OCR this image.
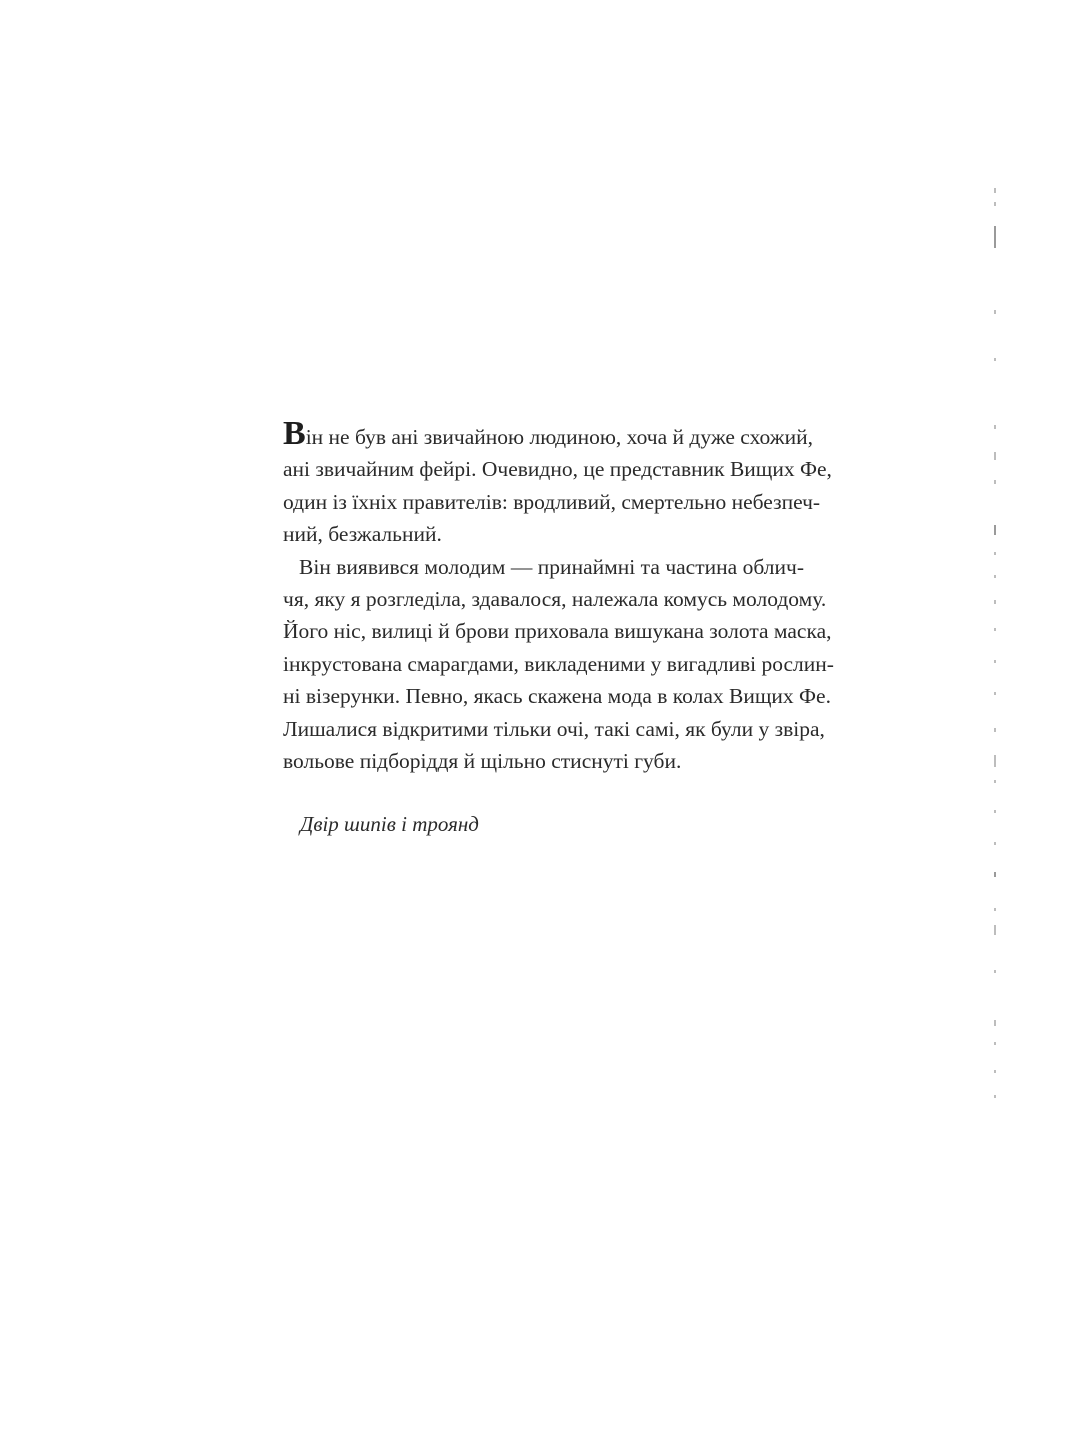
Він не був ані звичайною людиною, хоча й дуже схожий,
ані звичайним фейрі. Очевидно, це представник Вищих Фе,
один із їхніх правителів: вродливий, смертельно небезпеч-
ний, безжальний.
Він виявився молодим — принаймні та частина облич-
чя, яку я розгледіла, здавалося, належала комусь молодому.
Його ніс, вилиці й брови приховала вишукана золота маска,
інкрустована смарагдами, викладеними у вигадливі рослин-
ні візерунки. Певно, якась скажена мода в колах Вищих Фе.
Лишалися відкритими тільки очі, такі самі, як були у звіра,
вольове підборіддя й щільно стиснуті губи.
Двір шипів і троянд
